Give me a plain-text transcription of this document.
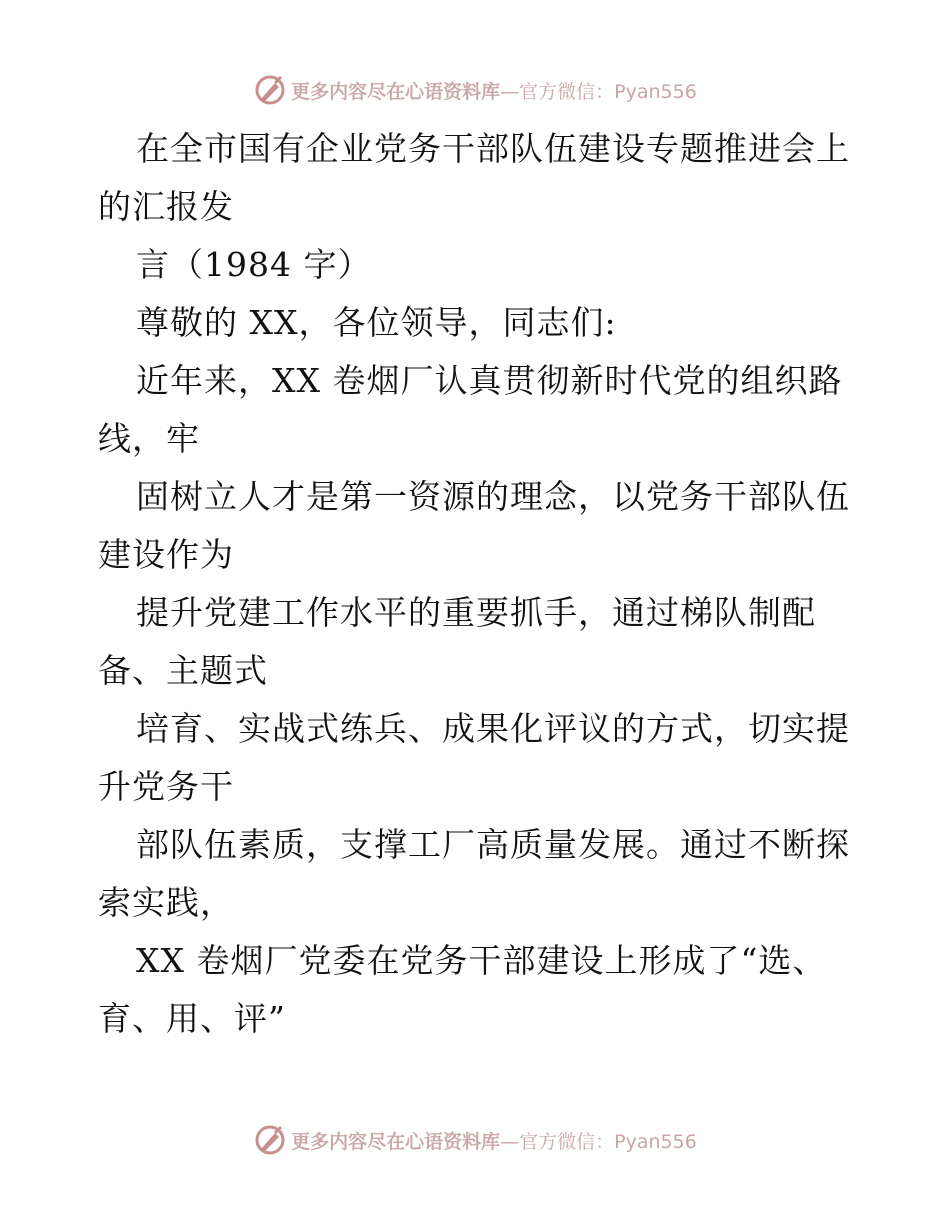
更多内容尽在心语资料库 —官方微信：Pyan556
在全市国有企业党务干部队伍建设专题推进会上
的汇报发
言（1984 字）
尊敬的 XX，各位领导，同志们:
近年来，XX 卷烟厂认真贯彻新时代党的组织路
线，牢
固树立人才是第一资源的理念，以党务干部队伍
建设作为
提升党建工作水平的重要抓手，通过梯队制配
备、主题式
培育、实战式练兵、成果化评议的方式，切实提
升党务干
部队伍素质，支撑工厂高质量发展。通过不断探
索实践，
XX 卷烟厂党委在党务干部建设上形成了“选、
育、用、评”
更多内容尽在心语资料库 —官方微信：Pyan556
